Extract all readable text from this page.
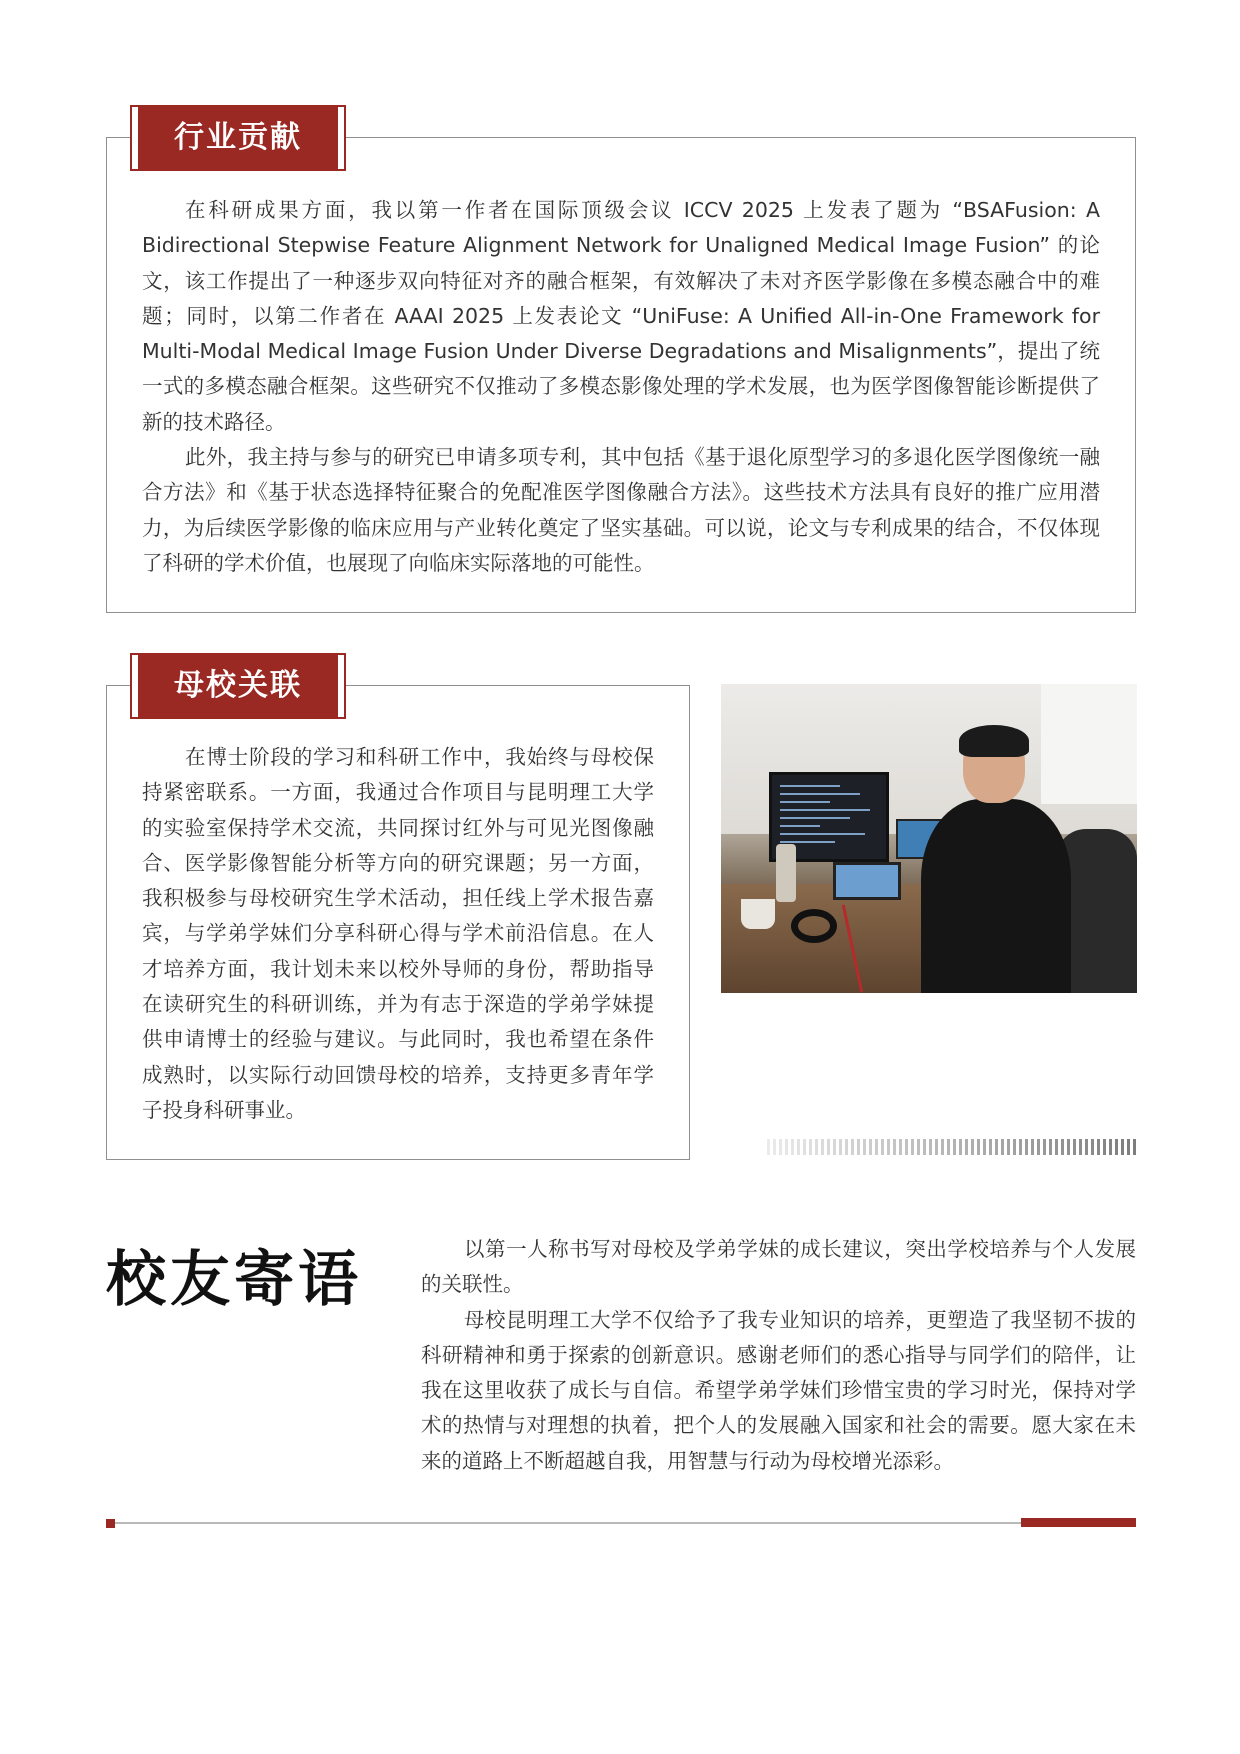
行业贡献

在科研成果方面，我以第一作者在国际顶级会议 ICCV 2025 上发表了题为 “BSAFusion: A Bidirectional Stepwise Feature Alignment Network for Unaligned Medical Image Fusion” 的论文，该工作提出了一种逐步双向特征对齐的融合框架，有效解决了未对齐医学影像在多模态融合中的难题；同时，以第二作者在 AAAI 2025 上发表论文 “UniFuse: A Unified All-in-One Framework for Multi-Modal Medical Image Fusion Under Diverse Degradations and Misalignments”，提出了统一式的多模态融合框架。这些研究不仅推动了多模态影像处理的学术发展，也为医学图像智能诊断提供了新的技术路径。

此外，我主持与参与的研究已申请多项专利，其中包括《基于退化原型学习的多退化医学图像统一融合方法》和《基于状态选择特征聚合的免配准医学图像融合方法》。这些技术方法具有良好的推广应用潜力，为后续医学影像的临床应用与产业转化奠定了坚实基础。可以说，论文与专利成果的结合，不仅体现了科研的学术价值，也展现了向临床实际落地的可能性。

母校关联

在博士阶段的学习和科研工作中，我始终与母校保持紧密联系。一方面，我通过合作项目与昆明理工大学的实验室保持学术交流，共同探讨红外与可见光图像融合、医学影像智能分析等方向的研究课题；另一方面，我积极参与母校研究生学术活动，担任线上学术报告嘉宾，与学弟学妹们分享科研心得与学术前沿信息。在人才培养方面，我计划未来以校外导师的身份，帮助指导在读研究生的科研训练，并为有志于深造的学弟学妹提供申请博士的经验与建议。与此同时，我也希望在条件成熟时，以实际行动回馈母校的培养，支持更多青年学子投身科研事业。

校友寄语	以第一人称书写对母校及学弟学妹的成长建议，突出学校培养与个人发展的关联性。

母校昆明理工大学不仅给予了我专业知识的培养，更塑造了我坚韧不拔的科研精神和勇于探索的创新意识。感谢老师们的悉心指导与同学们的陪伴，让我在这里收获了成长与自信。希望学弟学妹们珍惜宝贵的学习时光，保持对学术的热情与对理想的执着，把个人的发展融入国家和社会的需要。愿大家在未来的道路上不断超越自我，用智慧与行动为母校增光添彩。
